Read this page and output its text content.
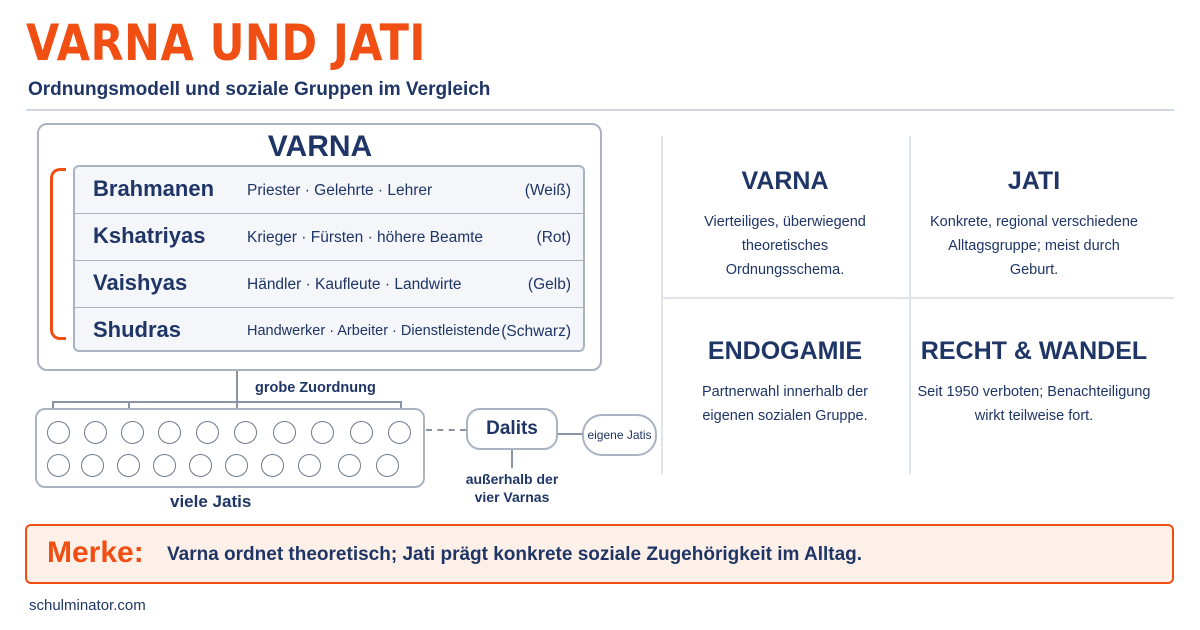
VARNA UND JATI
Ordnungsmodell und soziale Gruppen im Vergleich
VARNA
Brahmanen Priester · Gelehrte · Lehrer	(Weiß)
Kshatriyas	Krieger · Fürsten · höhere Beamte	(Rot)
Vaishyas	Händler · Kaufleute · Landwirte	(Gelb)
Shudras	Handwerker · Arbeiter · Dienstleistende (Schwarz)
grobe Zuordnung
viele Jatis
Dalits	eigene Jatis
außerhalb der vier Varnas
VARNA
Vierteiliges, überwiegend theoretisches Ordnungsschema.
JATI
Konkrete, regional verschiedene Alltagsgruppe; meist durch Geburt.
ENDOGAMIE
Partnerwahl innerhalb der eigenen sozialen Gruppe.
RECHT & WANDEL
Seit 1950 verboten; Benachteiligung wirkt teilweise fort.
Merke: Varna ordnet theoretisch; Jati prägt konkrete soziale Zugehörigkeit im Alltag.
schulminator.com
